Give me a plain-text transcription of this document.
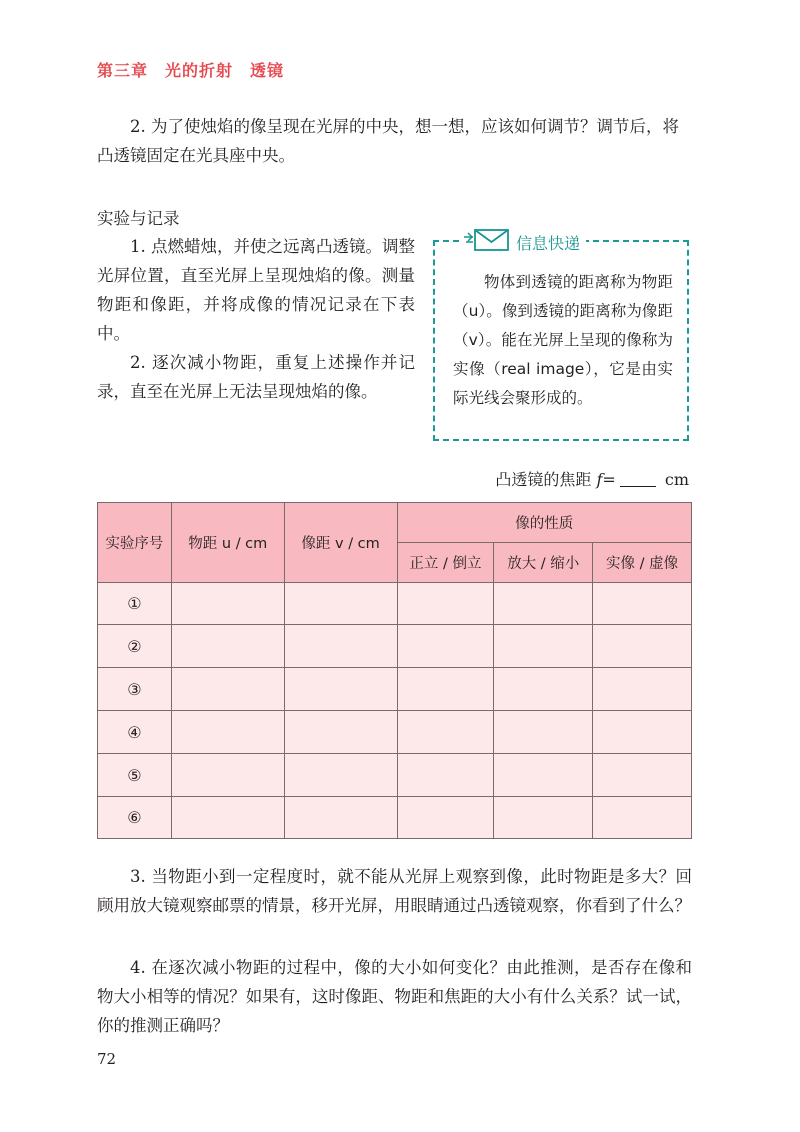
第三章　光的折射　透镜

2. 为了使烛焰的像呈现在光屏的中央，想一想，应该如何调节？调节后，将凸透镜固定在光具座中央。

实验与记录

1. 点燃蜡烛，并使之远离凸透镜。调整光屏位置，直至光屏上呈现烛焰的像。测量物距和像距，并将成像的情况记录在下表中。

2. 逐次减小物距，重复上述操作并记录，直至在光屏上无法呈现烛焰的像。

信息快递

物体到透镜的距离称为物距（u）。像到透镜的距离称为像距（v）。能在光屏上呈现的像称为实像（real image），它是由实际光线会聚形成的。

凸透镜的焦距 f=	cm
实验序号	物距 u / cm	像距 v / cm	像的性质		
			正立 / 倒立	放大 / 缩小	实像 / 虚像
①					
②					
③					
④					
⑤					
⑥					

3. 当物距小到一定程度时，就不能从光屏上观察到像，此时物距是多大？回顾用放大镜观察邮票的情景，移开光屏，用眼睛通过凸透镜观察，你看到了什么？

4. 在逐次减小物距的过程中，像的大小如何变化？由此推测，是否存在像和物大小相等的情况？如果有，这时像距、物距和焦距的大小有什么关系？试一试，你的推测正确吗？

72
